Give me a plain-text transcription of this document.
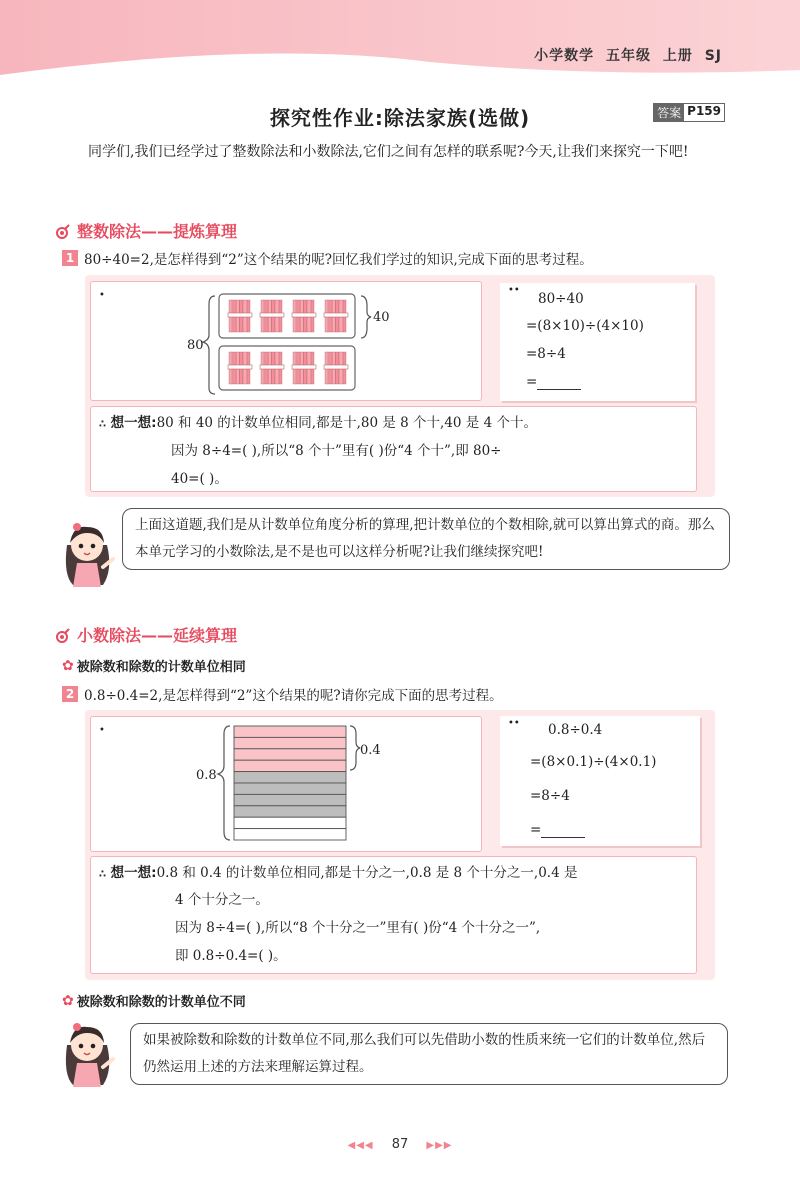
小学数学 五年级 上册 SJ
探究性作业:除法家族(选做)	答案 P159
同学们,我们已经学过了整数除法和小数除法,它们之间有怎样的联系呢?今天,让我们来探究一下吧!
整数除法——提炼算理
1 80÷40=2,是怎样得到“2”这个结果的呢?回忆我们学过的知识,完成下面的思考过程。
•
80
40
••
80÷40
=(8×10)÷(4×10)
=8÷4
=
∴ 想一想:80 和 40 的计数单位相同,都是十,80 是 8 个十,40 是 4 个十。
因为 8÷4=( ),所以“8 个十”里有( )份“4 个十”,即 80÷
40=( )。
上面这道题,我们是从计数单位角度分析的算理,把计数单位的个数相除,就可以算出算式的商。那么本单元学习的小数除法,是不是也可以这样分析呢?让我们继续探究吧!
小数除法——延续算理
✿ 被除数和除数的计数单位相同
2 0.8÷0.4=2,是怎样得到“2”这个结果的呢?请你完成下面的思考过程。
•
0.8
0.4
•• 0.8÷0.4
=(8×0.1)÷(4×0.1)
=8÷4
=
∴ 想一想:0.8 和 0.4 的计数单位相同,都是十分之一,0.8 是 8 个十分之一,0.4 是
4 个十分之一。
因为 8÷4=( ),所以“8 个十分之一”里有( )份“4 个十分之一”,
即 0.8÷0.4=( )。
✿ 被除数和除数的计数单位不同
如果被除数和除数的计数单位不同,那么我们可以先借助小数的性质来统一它们的计数单位,然后仍然运用上述的方法来理解运算过程。
◀◀◀ 87 ▶▶▶
